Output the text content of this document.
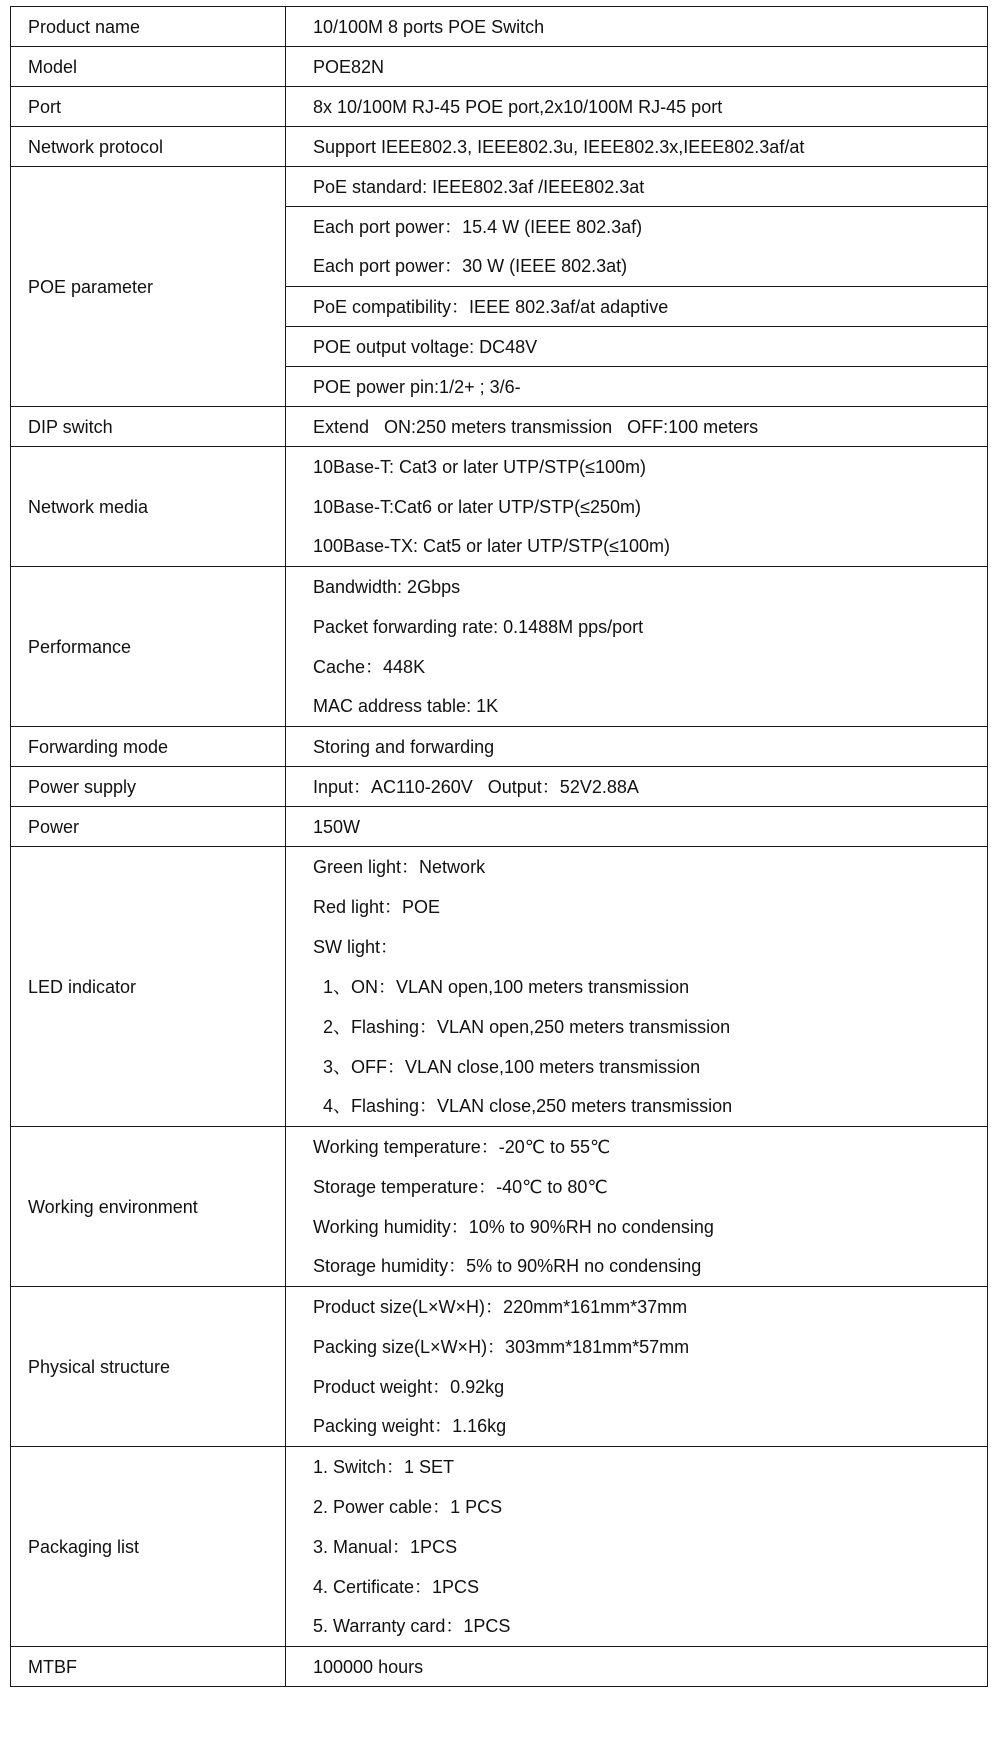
Product name	10/100M 8 ports POE Switch
Model	POE82N
Port	8x 10/100M RJ-45 POE port,2x10/100M RJ-45 port
Network protocol	Support IEEE802.3, IEEE802.3u, IEEE802.3x,IEEE802.3af/at
POE parameter	PoE standard: IEEE802.3af /IEEE802.3at
	Each port power：15.4 W (IEEE 802.3af)
	Each port power：30 W (IEEE 802.3at)
	PoE compatibility：IEEE 802.3af/at adaptive
	POE output voltage: DC48V
	POE power pin:1/2+ ; 3/6-
DIP switch	Extend   ON:250 meters transmission   OFF:100 meters
Network media	10Base-T: Cat3 or later UTP/STP(≤100m)
	10Base-T:Cat6 or later UTP/STP(≤250m)
	100Base-TX: Cat5 or later UTP/STP(≤100m)
Performance	Bandwidth: 2Gbps
	Packet forwarding rate: 0.1488M pps/port
	Cache：448K
	MAC address table: 1K
Forwarding mode	Storing and forwarding
Power supply	Input：AC110-260V   Output：52V2.88A
Power	150W
LED indicator	Green light：Network
	Red light：POE
	SW light：
	1、ON：VLAN open,100 meters transmission
	2、Flashing：VLAN open,250 meters transmission
	3、OFF：VLAN close,100 meters transmission
	4、Flashing：VLAN close,250 meters transmission
Working environment	Working temperature：-20℃ to 55℃
	Storage temperature：-40℃ to 80℃
	Working humidity：10% to 90%RH no condensing
	Storage humidity：5% to 90%RH no condensing
Physical structure	Product size(L×W×H)：220mm*161mm*37mm
	Packing size(L×W×H)：303mm*181mm*57mm
	Product weight：0.92kg
	Packing weight：1.16kg
Packaging list	1. Switch：1 SET
	2. Power cable：1 PCS
	3. Manual：1PCS
	4. Certificate：1PCS
	5. Warranty card：1PCS
MTBF	100000 hours
